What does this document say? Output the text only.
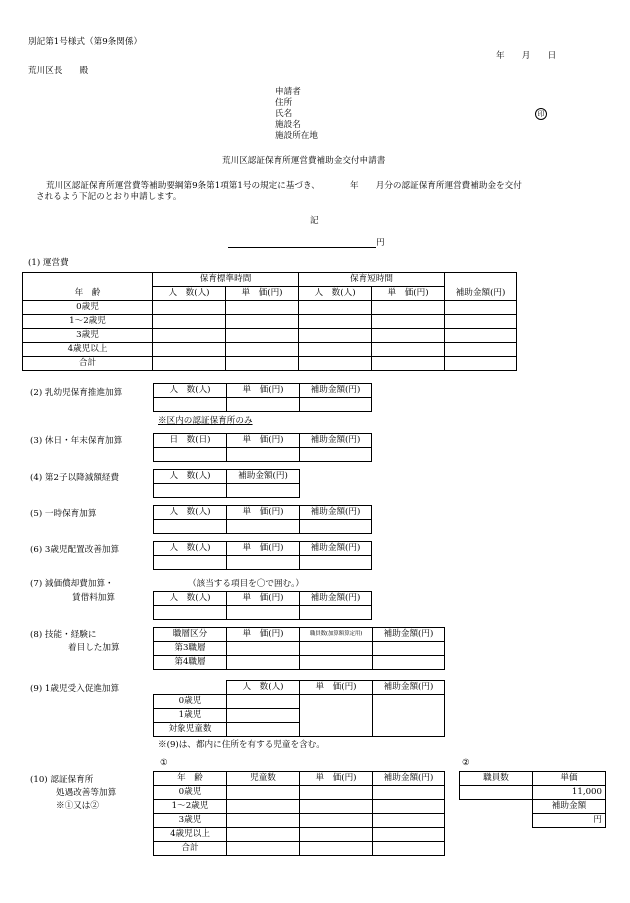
別記第1号様式（第9条関係）
年　　月　　日
荒川区長　　殿
申請者
住所
氏名
施設名
施設所在地
印
荒川区認証保育所運営費補助金交付申請書
荒川区認証保育所運営費等補助要綱第9条第1項第1号の規定に基づき、　　　　年　　月分の認証保育所運営費補助金を交付
されるよう下記のとおり申請します。
記
円
(1) 運営費
	保育標準時間		保育短時間		
年　齢	人　数(人)	単　価(円)	人　数(人)	単　価(円)	補助金額(円)
0歳児					
1～2歳児					
3歳児					
4歳児以上					
合計					
(2) 乳幼児保育推進加算	人　数(人)	単　価(円)	補助金額(円)

※区内の認証保育所のみ
(3) 休日・年末保育加算	日　数(日)	単　価(円)	補助金額(円)

(4) 第2子以降減額経費	人　数(人)	補助金額(円)

(5) 一時保育加算	人　数(人)	単　価(円)	補助金額(円)

(6) 3歳児配置改善加算	人　数(人)	単　価(円)	補助金額(円)

(7) 減価償却費加算・
賃借料加算
（該当する項目を〇で囲む。）
人　数(人)	単　価(円)	補助金額(円)

(8) 技能・経験に
着目した加算
職層区分	単　価(円)	職員数(加算額算定用)	補助金額(円)
第3職層			
第4職層			
(9) 1歳児受入促進加算
		人　数(人)	単　価(円)	補助金額(円)
0歳児			
1歳児			
対象児童数			
※(9)は、都内に住所を有する児童を含む。
①	②
(10) 認証保育所
処遇改善等加算
※①又は②
年　齢	児童数	単　価(円)	補助金額(円)
0歳児			
1～2歳児			
3歳児			
4歳児以上			
合計			
職員数	単価
	11,000
	補助金額
	円
